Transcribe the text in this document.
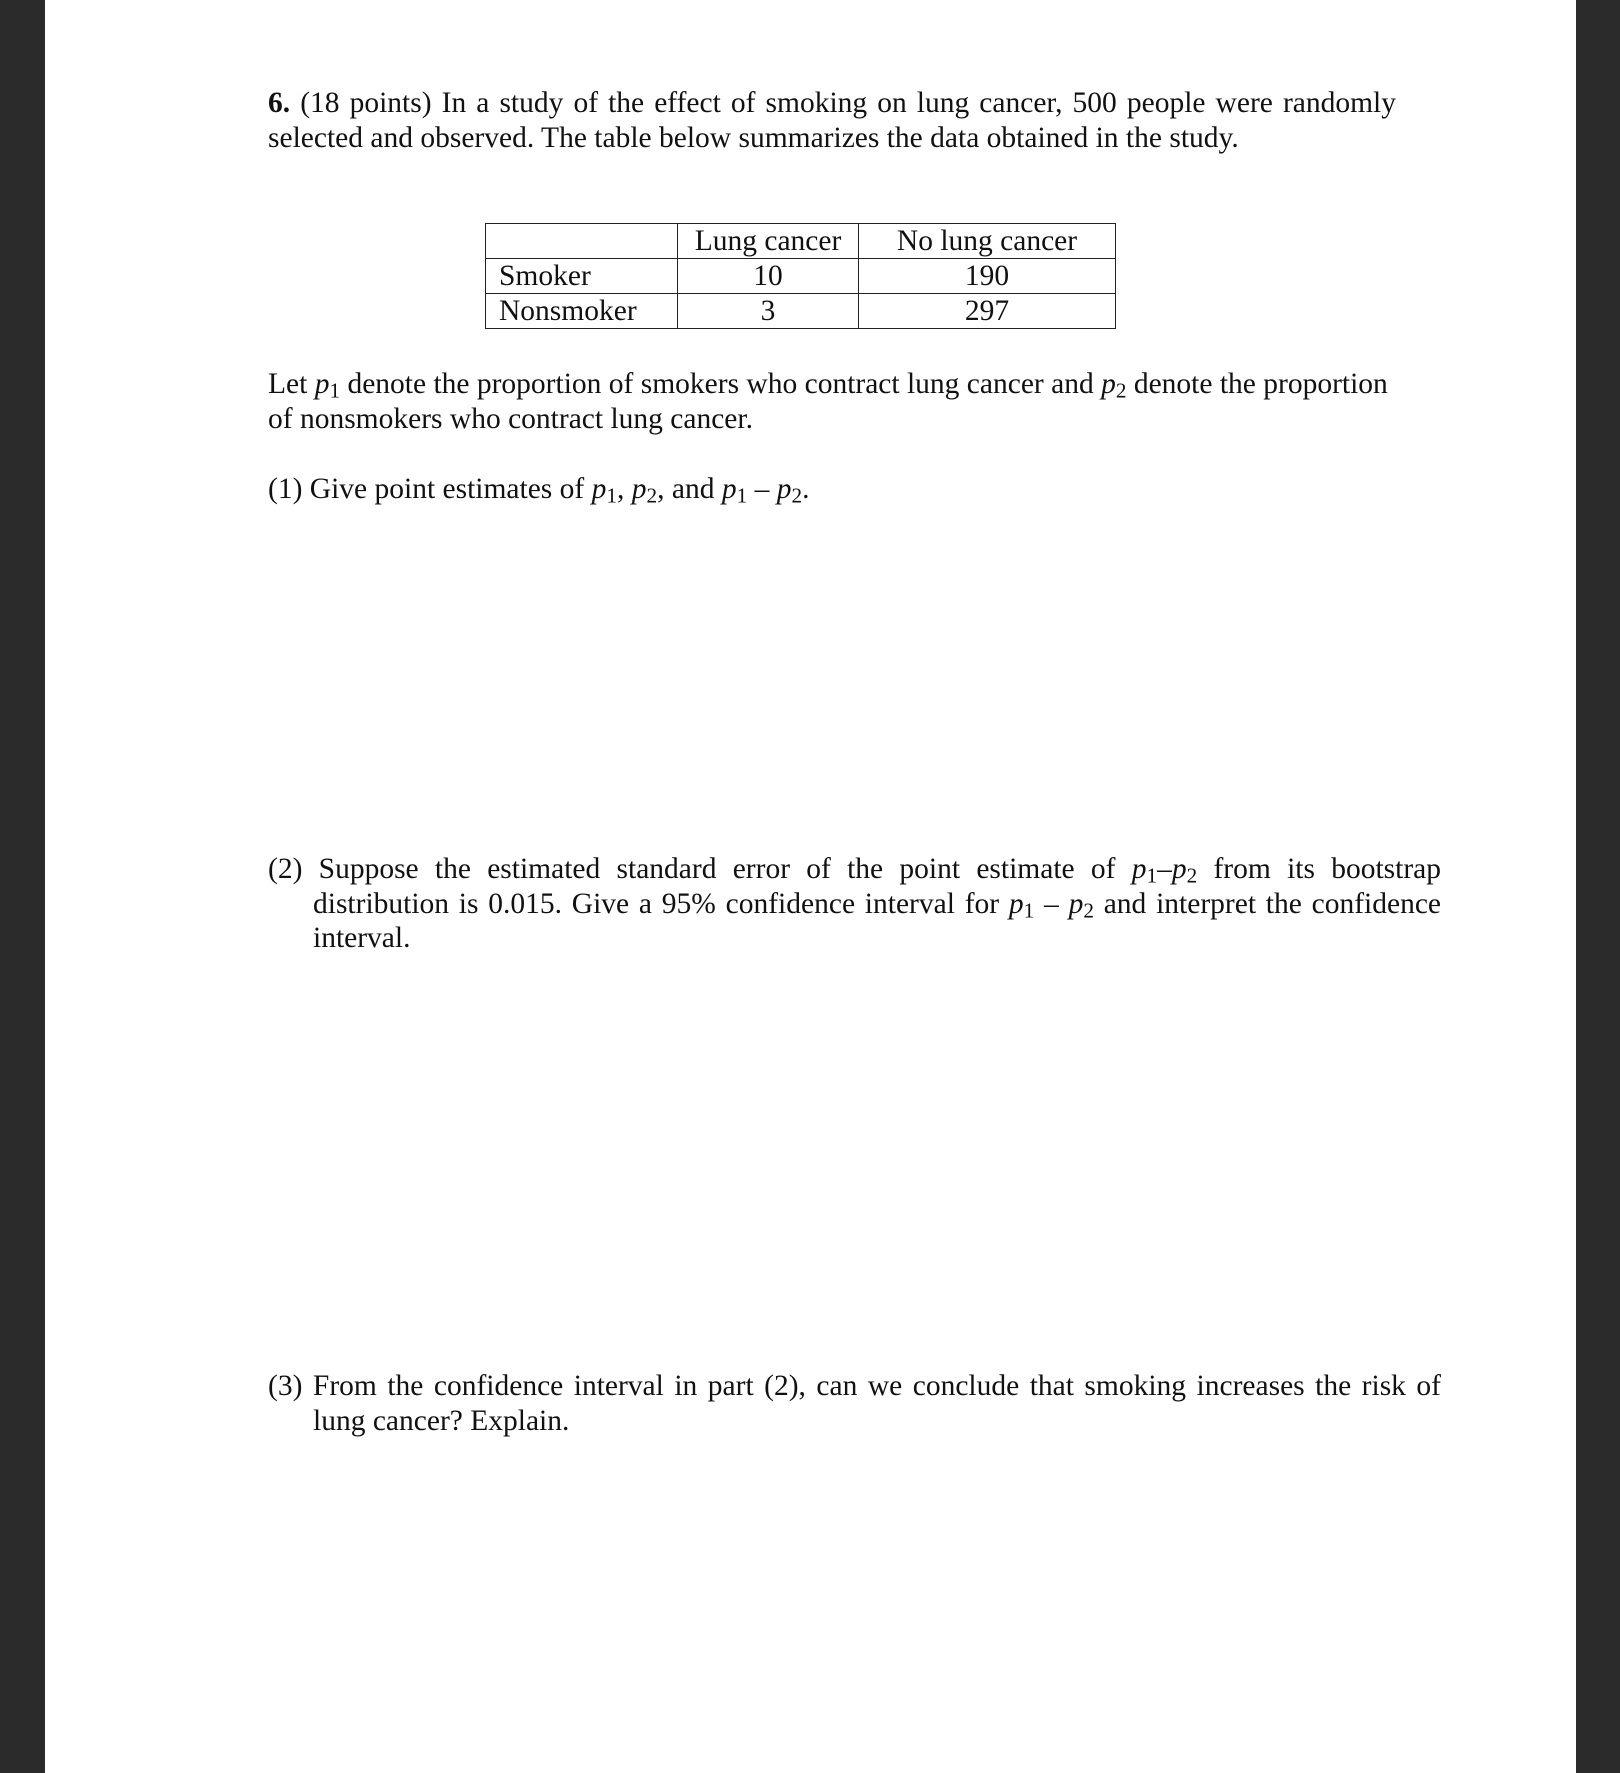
6. (18 points) In a study of the effect of smoking on lung cancer, 500 people were randomly selected and observed. The table below summarizes the data obtained in the study.

	Lung cancer	No lung cancer
Smoker	10	190
Nonsmoker	3	297

Let $p_1$ denote the proportion of smokers who contract lung cancer and $p_2$ denote the proportion of nonsmokers who contract lung cancer.

(1) Give point estimates of $p_1$, $p_2$, and $p_1 - p_2$.

(2) Suppose the estimated standard error of the point estimate of $p_1-p_2$ from its bootstrap distribution is 0.015. Give a 95% confidence interval for $p_1 - p_2$ and interpret the confidence interval.

(3) From the confidence interval in part (2), can we conclude that smoking increases the risk of lung cancer? Explain.
